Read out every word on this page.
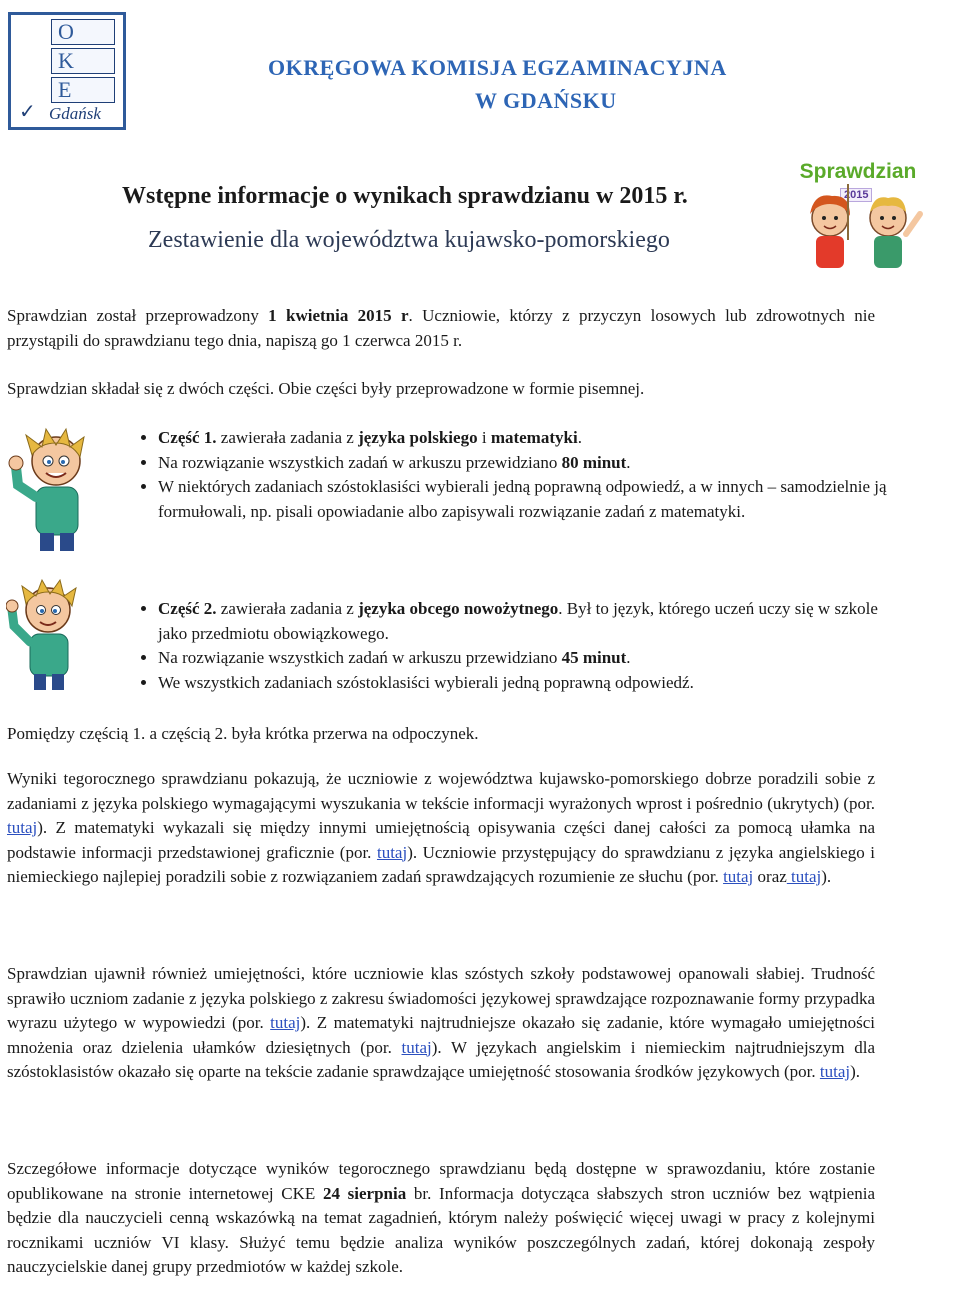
O
K
E
✓ Gdańsk
OKRĘGOWA KOMISJA EGZAMINACYJNA
W GDAŃSKU
Wstępne informacje o wynikach sprawdzianu w 2015 r.
Zestawienie dla województwa kujawsko-pomorskiego
Sprawdzian
2015
Sprawdzian został przeprowadzony 1 kwietnia 2015 r. Uczniowie, którzy z przyczyn losowych lub zdrowotnych nie przystąpili do sprawdzianu tego dnia, napiszą go 1 czerwca 2015 r.
Sprawdzian składał się z dwóch części. Obie części były przeprowadzone w formie pisemnej.
• Część 1. zawierała zadania z języka polskiego i matematyki.
• Na rozwiązanie wszystkich zadań w arkuszu przewidziano 80 minut.
• W niektórych zadaniach szóstoklasiści wybierali jedną poprawną odpowiedź, a w innych – samodzielnie ją formułowali, np. pisali opowiadanie albo zapisywali rozwiązanie zadań z matematyki.
• Część 2. zawierała zadania z języka obcego nowożytnego. Był to język, którego uczeń uczy się w szkole jako przedmiotu obowiązkowego.
• Na rozwiązanie wszystkich zadań w arkuszu przewidziano 45 minut.
• We wszystkich zadaniach szóstoklasiści wybierali jedną poprawną odpowiedź.
Pomiędzy częścią 1. a częścią 2. była krótka przerwa na odpoczynek.
Wyniki tegorocznego sprawdzianu pokazują, że uczniowie z województwa kujawsko-pomorskiego dobrze poradzili sobie z zadaniami z języka polskiego wymagającymi wyszukania w tekście informacji wyrażonych wprost i pośrednio (ukrytych) (por. tutaj). Z matematyki wykazali się między innymi umiejętnością opisywania części danej całości za pomocą ułamka na podstawie informacji przedstawionej graficznie (por. tutaj). Uczniowie przystępujący do sprawdzianu z języka angielskiego i niemieckiego najlepiej poradzili sobie z rozwiązaniem zadań sprawdzających rozumienie ze słuchu (por. tutaj oraz tutaj).
Sprawdzian ujawnił również umiejętności, które uczniowie klas szóstych szkoły podstawowej opanowali słabiej. Trudność sprawiło uczniom zadanie z języka polskiego z zakresu świadomości językowej sprawdzające rozpoznawanie formy przypadka wyrazu użytego w wypowiedzi (por. tutaj). Z matematyki najtrudniejsze okazało się zadanie, które wymagało umiejętności mnożenia oraz dzielenia ułamków dziesiętnych (por. tutaj). W językach angielskim i niemieckim najtrudniejszym dla szóstoklasistów okazało się oparte na tekście zadanie sprawdzające umiejętność stosowania środków językowych (por. tutaj).
Szczegółowe informacje dotyczące wyników tegorocznego sprawdzianu będą dostępne w sprawozdaniu, które zostanie opublikowane na stronie internetowej CKE 24 sierpnia br. Informacja dotycząca słabszych stron uczniów bez wątpienia będzie dla nauczycieli cenną wskazówką na temat zagadnień, którym należy poświęcić więcej uwagi w pracy z kolejnymi rocznikami uczniów VI klasy. Służyć temu będzie analiza wyników poszczególnych zadań, której dokonają zespoły nauczycielskie danej grupy przedmiotów w każdej szkole.
